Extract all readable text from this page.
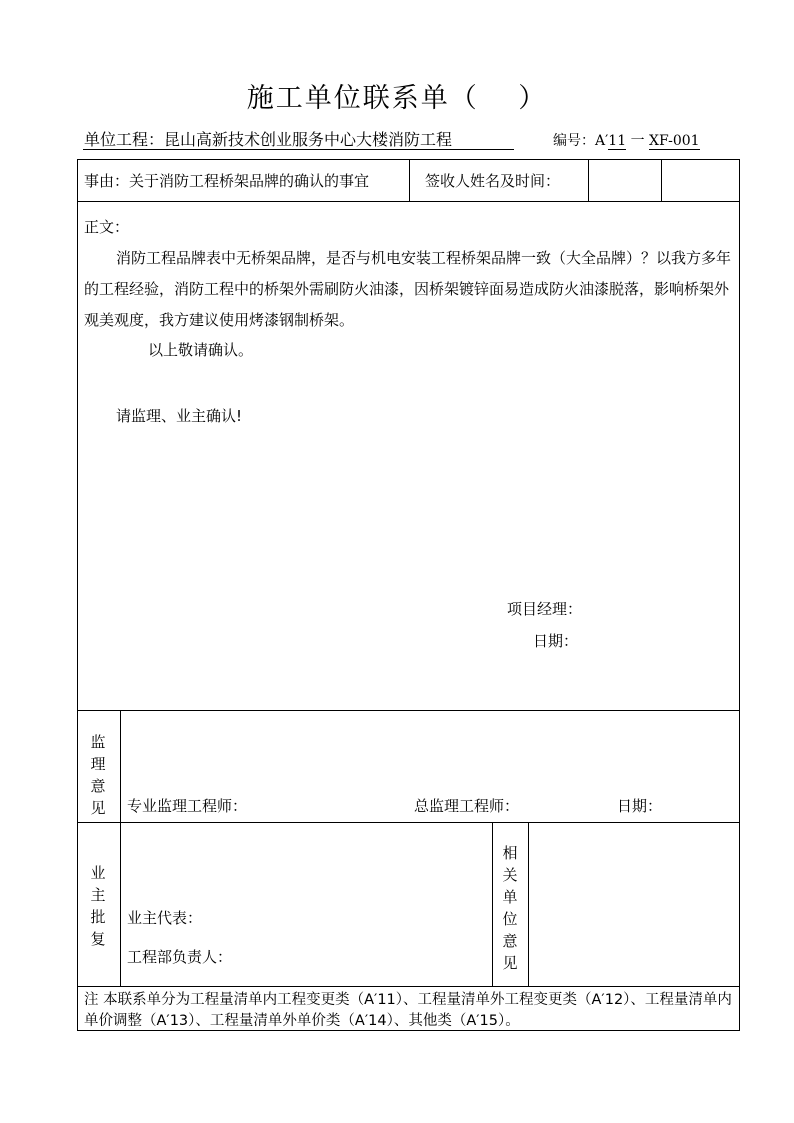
施工单位联系单（　 ）
单位工程：昆山高新技术创业服务中心大楼消防工程	编号：A′11 一 XF-001
事由：关于消防工程桥架品牌的确认的事宜	签收人姓名及时间：

正文：

消防工程品牌表中无桥架品牌，是否与机电安装工程桥架品牌一致（大全品牌）？以我方多年的工程经验，消防工程中的桥架外需刷防火油漆，因桥架镀锌面易造成防火油漆脱落，影响桥架外观美观度，我方建议使用烤漆钢制桥架。

以上敬请确认。
请监理、业主确认!
项目经理：
日期：
监理意见 专业监理工程师：	总监理工程师：	日期：
业主批复
业主代表：
工程部负责人：
相关单位意见
注 本联系单分为工程量清单内工程变更类（A′11）、工程量清单外工程变更类（A′12）、工程量清单内单价调整（A′13）、工程量清单外单价类（A′14）、其他类（A′15）。
